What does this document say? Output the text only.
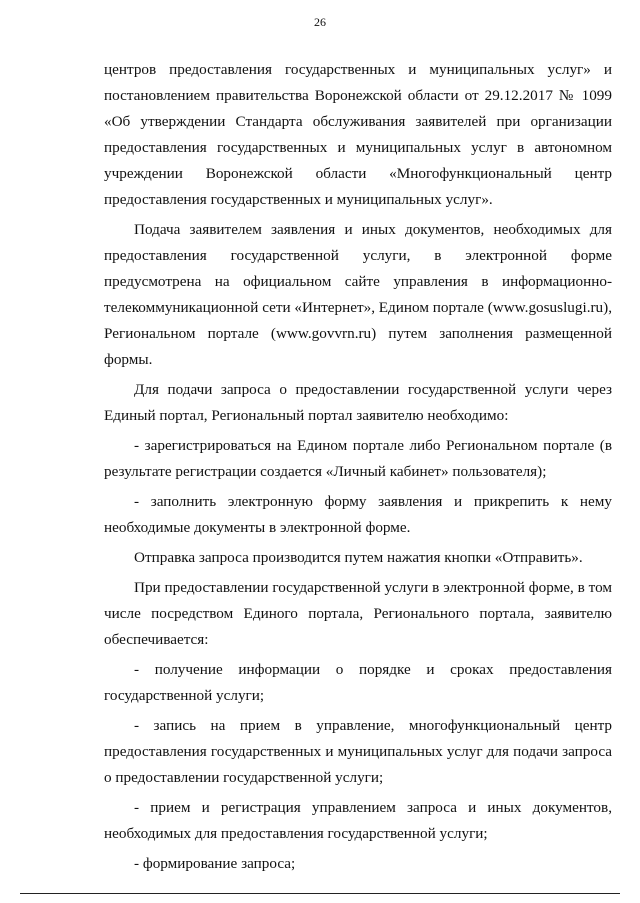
26

центров предоставления государственных и муниципальных услуг» и постановлением правительства Воронежской области от 29.12.2017 № 1099 «Об утверждении Стандарта обслуживания заявителей при организации предоставления государственных и муниципальных услуг в автономном учреждении Воронежской области «Многофункциональный центр предоставления государственных и муниципальных услуг».

Подача заявителем заявления и иных документов, необходимых для предоставления государственной услуги, в электронной форме предусмотрена на официальном сайте управления в информационно-телекоммуникационной сети «Интернет», Едином портале (www.gosuslugi.ru), Региональном портале (www.govvrn.ru) путем заполнения размещенной формы.

Для подачи запроса о предоставлении государственной услуги через Единый портал, Региональный портал заявителю необходимо:

- зарегистрироваться на Едином портале либо Региональном портале (в результате регистрации создается «Личный кабинет» пользователя);

- заполнить электронную форму заявления и прикрепить к нему необходимые документы в электронной форме.

Отправка запроса производится путем нажатия кнопки «Отправить».

При предоставлении государственной услуги в электронной форме, в том числе посредством Единого портала, Регионального портала, заявителю обеспечивается:

- получение информации о порядке и сроках предоставления государственной услуги;

- запись на прием в управление, многофункциональный центр предоставления государственных и муниципальных услуг для подачи запроса о предоставлении государственной услуги;

- прием и регистрация управлением запроса и иных документов, необходимых для предоставления государственной услуги;

- формирование запроса;
